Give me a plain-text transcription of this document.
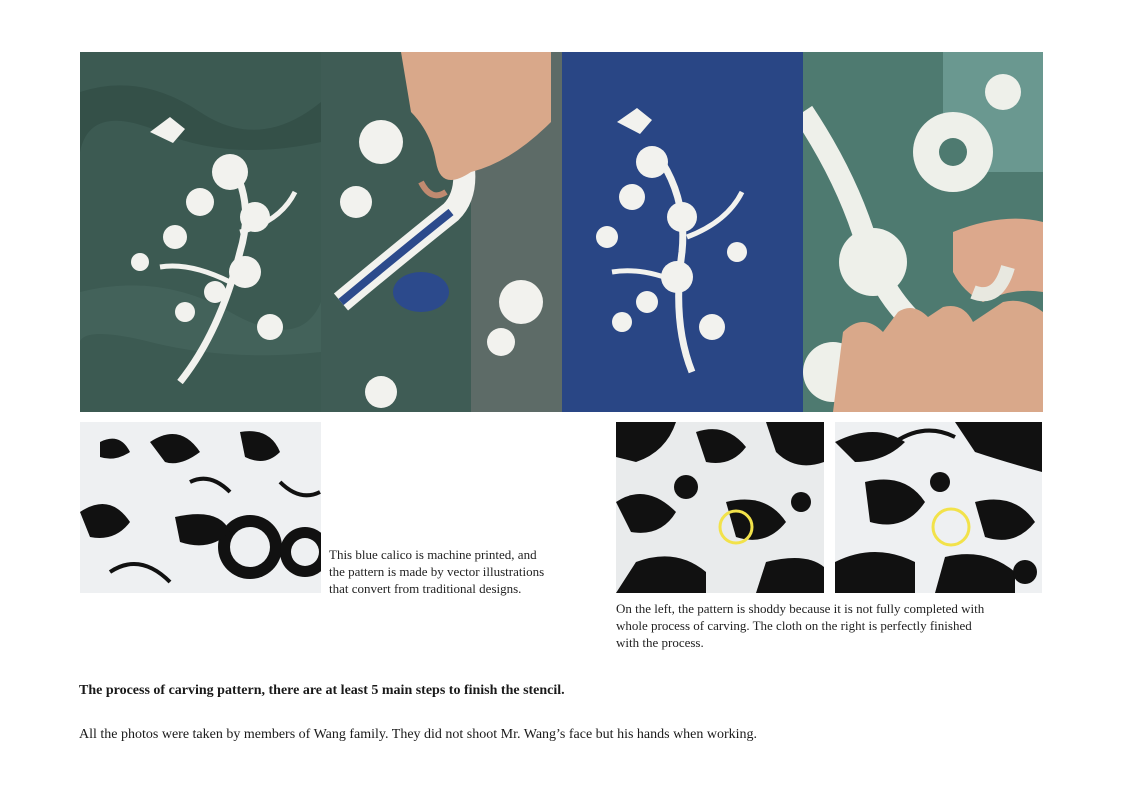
This blue calico is machine printed, and
the pattern is made by vector illustrations
that convert from traditional designs.
On the left, the pattern is shoddy because it is not fully completed with
whole process of carving. The cloth on the right is perfectly finished
with the process.
The process of carving pattern, there are at least 5 main steps to finish the stencil.
All the photos were taken by members of Wang family. They did not shoot Mr. Wang’s face but his hands when working.
